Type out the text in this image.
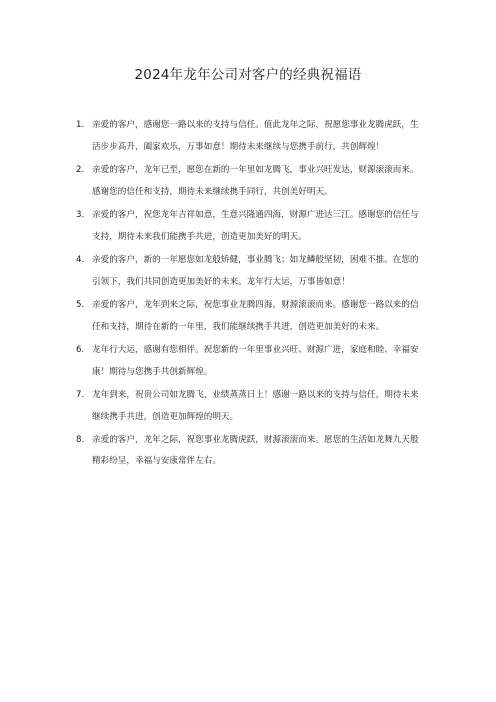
2024年龙年公司对客户的经典祝福语
1. 亲爱的客户，感谢您一路以来的支持与信任。值此龙年之际，祝愿您事业龙腾虎跃，生活步步高升，阖家欢乐，万事如意！期待未来继续与您携手前行，共创辉煌！
2. 亲爱的客户，龙年已至，愿您在新的一年里如龙腾飞，事业兴旺发达，财源滚滚而来。感谢您的信任和支持，期待未来继续携手同行，共创美好明天。
3. 亲爱的客户，祝您龙年吉祥如意，生意兴隆通四海，财源广进达三江。感谢您的信任与支持，期待未来我们能携手共进，创造更加美好的明天。
4. 亲爱的客户，新的一年愿您如龙般矫健，事业腾飞；如龙鳞般坚韧，困难不推。在您的引领下，我们共同创造更加美好的未来。龙年行大运，万事皆如意！
5. 亲爱的客户，龙年到来之际，祝您事业龙腾四海，财源滚滚而来。感谢您一路以来的信任和支持，期待在新的一年里，我们能继续携手共进，创造更加美好的未来。
6. 龙年行大运，感谢有您相伴。祝您新的一年里事业兴旺、财源广进，家庭和睦、幸福安康！期待与您携手共创新辉煌。
7. 龙年到来，祝贵公司如龙腾飞，业绩蒸蒸日上！感谢一路以来的支持与信任，期待未来继续携手共进，创造更加辉煌的明天。
8. 亲爱的客户，龙年之际，祝您事业龙腾虎跃，财源滚滚而来。愿您的生活如龙舞九天般精彩纷呈，幸福与安康常伴左右。
